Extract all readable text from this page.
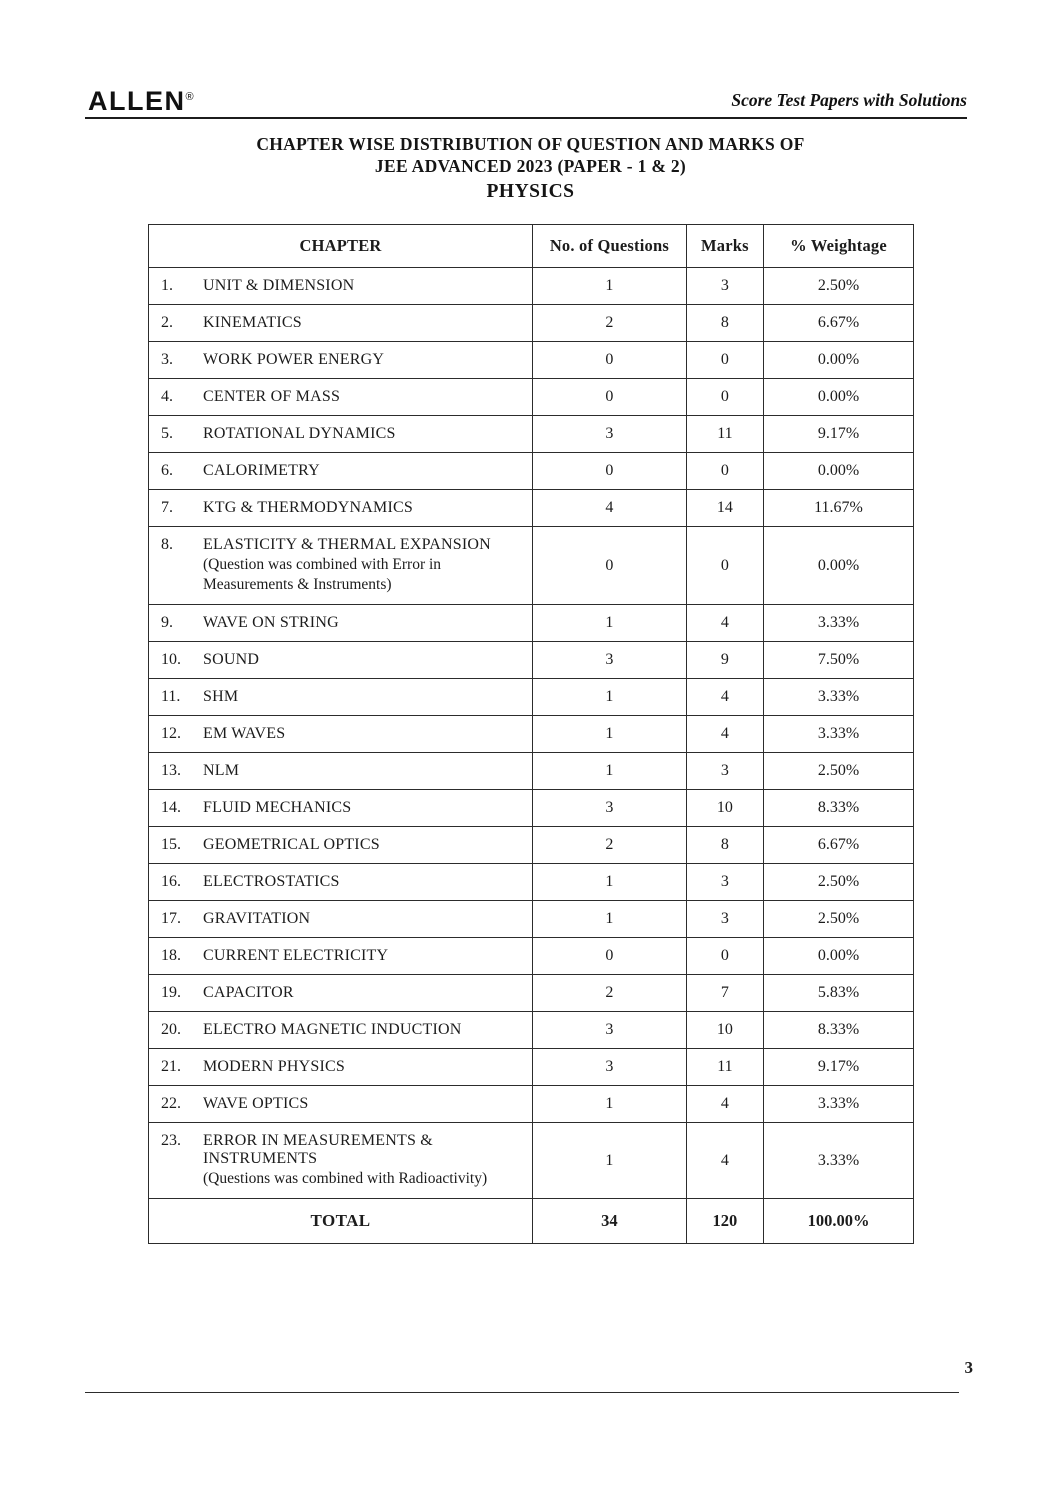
ALLEN®	Score Test Papers with Solutions
CHAPTER WISE DISTRIBUTION OF QUESTION AND MARKS OF
JEE ADVANCED 2023 (PAPER - 1 & 2)
PHYSICS
CHAPTER	No. of Questions	Marks	% Weightage

1. UNIT & DIMENSION	1	3	2.50%

2. KINEMATICS	2	8	6.67%

3. WORK POWER ENERGY	0	0	0.00%

4. CENTER OF MASS	0	0	0.00%

5. ROTATIONAL DYNAMICS	3	11	9.17%

6. CALORIMETRY	0	0	0.00%

7. KTG & THERMODYNAMICS	4	14	11.67%

8. ELASTICITY & THERMAL EXPANSION
(Question was combined with Error in Measurements & Instruments)	0	0	0.00%

9. WAVE ON STRING	1	4	3.33%

10. SOUND	3	9	7.50%

11. SHM	1	4	3.33%

12. EM WAVES	1	4	3.33%

13. NLM	1	3	2.50%

14. FLUID MECHANICS	3	10	8.33%

15. GEOMETRICAL OPTICS	2	8	6.67%

16. ELECTROSTATICS	1	3	2.50%

17. GRAVITATION	1	3	2.50%

18. CURRENT ELECTRICITY	0	0	0.00%

19. CAPACITOR	2	7	5.83%

20. ELECTRO MAGNETIC INDUCTION	3	10	8.33%

21. MODERN PHYSICS	3	11	9.17%

22. WAVE OPTICS	1	4	3.33%

23. ERROR IN MEASUREMENTS & INSTRUMENTS
(Questions was combined with Radioactivity)	1	4	3.33%
TOTAL	34	120	100.00%
3
